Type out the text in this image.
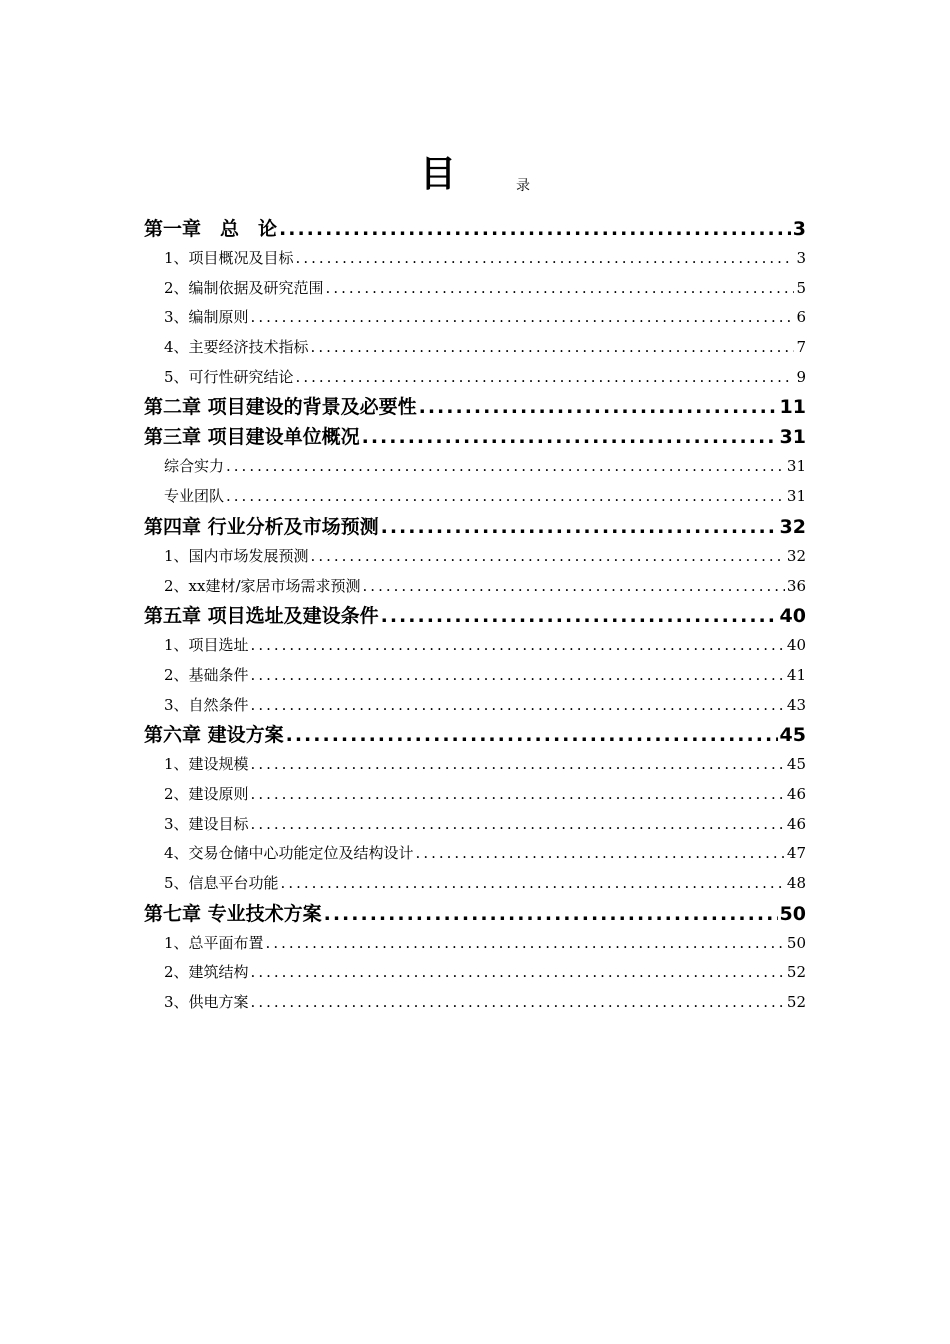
目	录
第一章　总　论 .....	3
1、项目概况及目标 .....	3
2、编制依据及研究范围 .....	5
3、编制原则 .....	6
4、主要经济技术指标 .....	7
5、可行性研究结论 .....	9
第二章 项目建设的背景及必要性 .....	11
第三章 项目建设单位概况 .....	31
综合实力 .....	31
专业团队 .....	31
第四章 行业分析及市场预测 .....	32
1、国内市场发展预测 .....	32
2、xx建材/家居市场需求预测 .....	36
第五章 项目选址及建设条件 .....	40
1、项目选址 .....	40
2、基础条件 .....	41
3、自然条件 .....	43
第六章 建设方案 .....	45
1、建设规模 .....	45
2、建设原则 .....	46
3、建设目标 .....	46
4、交易仓储中心功能定位及结构设计 .....	47
5、信息平台功能 .....	48
第七章 专业技术方案 .....	50
1、总平面布置 .....	50
2、建筑结构 .....	52
3、供电方案 .....	52
